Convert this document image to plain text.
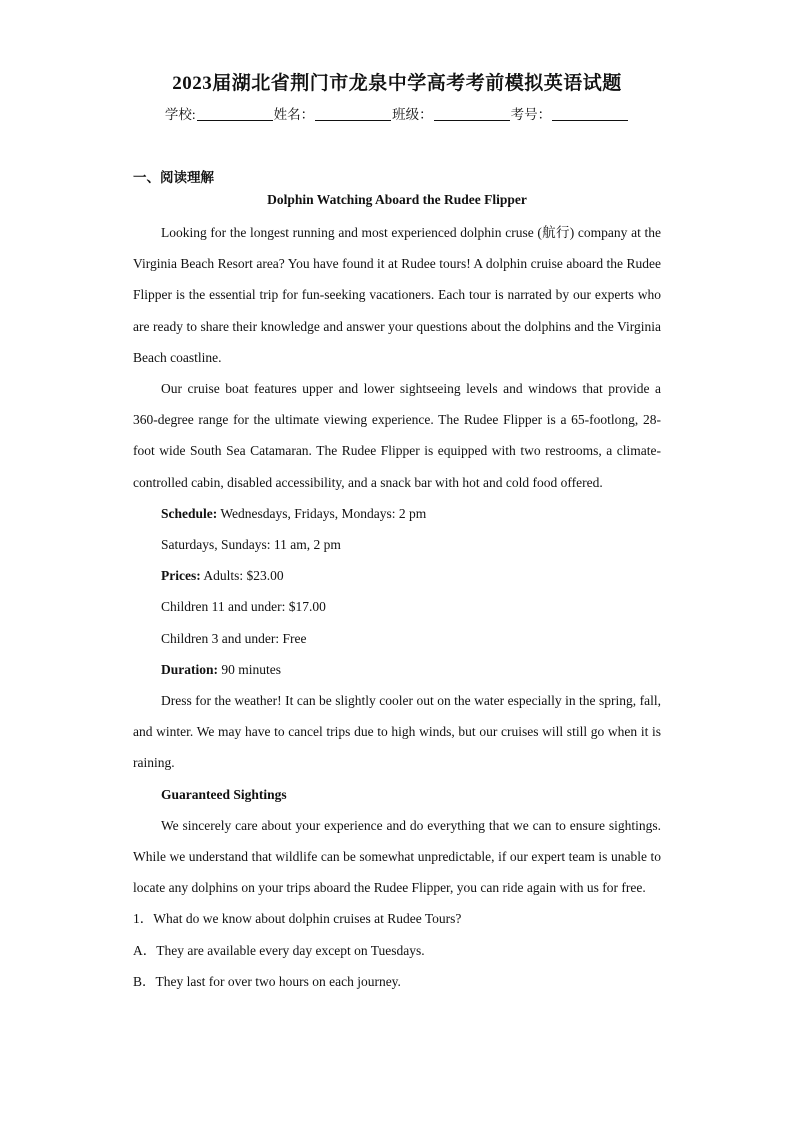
2023届湖北省荆门市龙泉中学高考考前模拟英语试题
学校:	姓名：	班级：	考号：
一、阅读理解
Dolphin Watching Aboard the Rudee Flipper

Looking for the longest running and most experienced dolphin cruse (航行) company at the Virginia Beach Resort area? You have found it at Rudee tours! A dolphin cruise aboard the Rudee Flipper is the essential trip for fun-seeking vacationers. Each tour is narrated by our experts who are ready to share their knowledge and answer your questions about the dolphins and the Virginia Beach coastline.

Our cruise boat features upper and lower sightseeing levels and windows that provide a 360-degree range for the ultimate viewing experience. The Rudee Flipper is a 65-footlong, 28-foot wide South Sea Catamaran. The Rudee Flipper is equipped with two restrooms, a climate-controlled cabin, disabled accessibility, and a snack bar with hot and cold food offered.

Schedule: Wednesdays, Fridays, Mondays: 2 pm

Saturdays, Sundays: 11 am, 2 pm

Prices: Adults: $23.00

Children 11 and under: $17.00

Children 3 and under: Free

Duration: 90 minutes

Dress for the weather! It can be slightly cooler out on the water especially in the spring, fall, and winter. We may have to cancel trips due to high winds, but our cruises will still go when it is raining.

Guaranteed Sightings

We sincerely care about your experience and do everything that we can to ensure sightings. While we understand that wildlife can be somewhat unpredictable, if our expert team is unable to locate any dolphins on your trips aboard the Rudee Flipper, you can ride again with us for free.

1．What do we know about dolphin cruises at Rudee Tours?

A．They are available every day except on Tuesdays.

B．They last for over two hours on each journey.
